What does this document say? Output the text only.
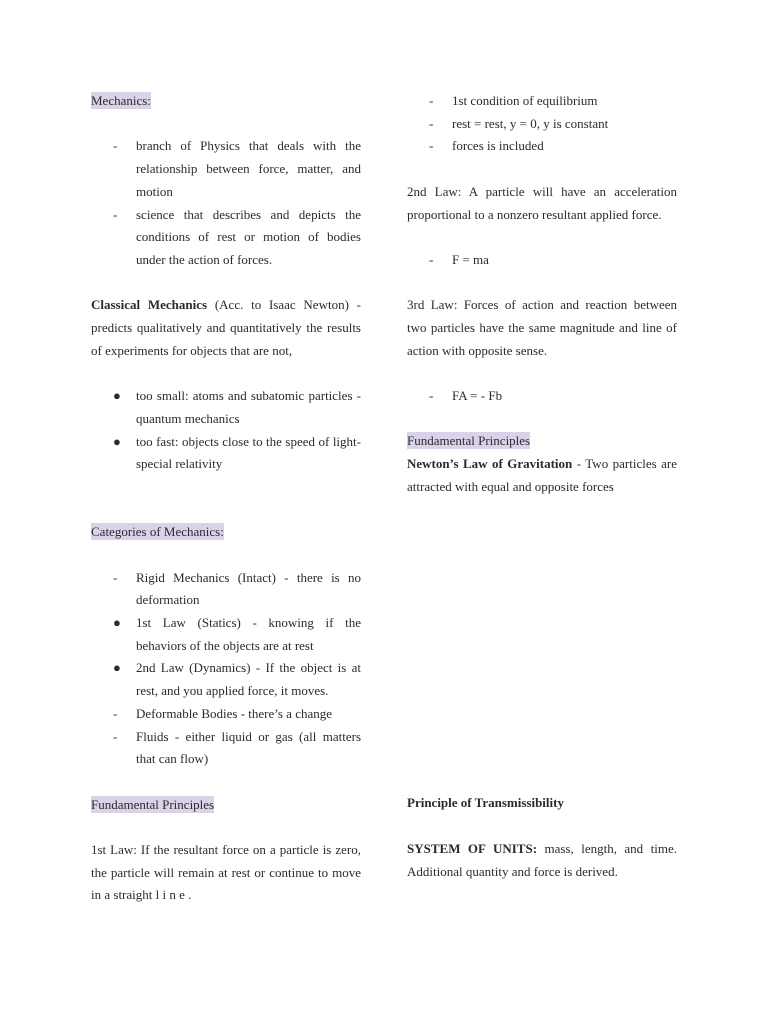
Mechanics:

- branch of Physics that deals with the relationship between force, matter, and motion
- science that describes and depicts the conditions of rest or motion of bodies under the action of forces.

Classical Mechanics (Acc. to Isaac Newton) - predicts qualitatively and quantitatively the results of experiments for objects that are not,

● too small: atoms and subatomic particles - quantum mechanics
● too fast: objects close to the speed of light- special relativity

Categories of Mechanics:

- Rigid Mechanics (Intact) - there is no deformation
● 1st Law (Statics) - knowing if the behaviors of the objects are at rest
● 2nd Law (Dynamics) - If the object is at rest, and you applied force, it moves.
- Deformable Bodies - there’s a change
- Fluids - either liquid or gas (all matters that can flow)

Fundamental Principles

1st Law: If the resultant force on a particle is zero, the particle will remain at rest or continue to move in a straight l i n e .

- 1st condition of equilibrium
- rest = rest, y = 0, y is constant
- forces is included

2nd Law: A particle will have an acceleration proportional to a nonzero resultant applied force.

- F = ma

3rd Law: Forces of action and reaction between two particles have the same magnitude and line of action with opposite sense.

- FA = - Fb

Fundamental Principles

Newton’s Law of Gravitation - Two particles are attracted with equal and opposite forces

Principle of Transmissibility

SYSTEM OF UNITS: mass, length, and time. Additional quantity and force is derived.
